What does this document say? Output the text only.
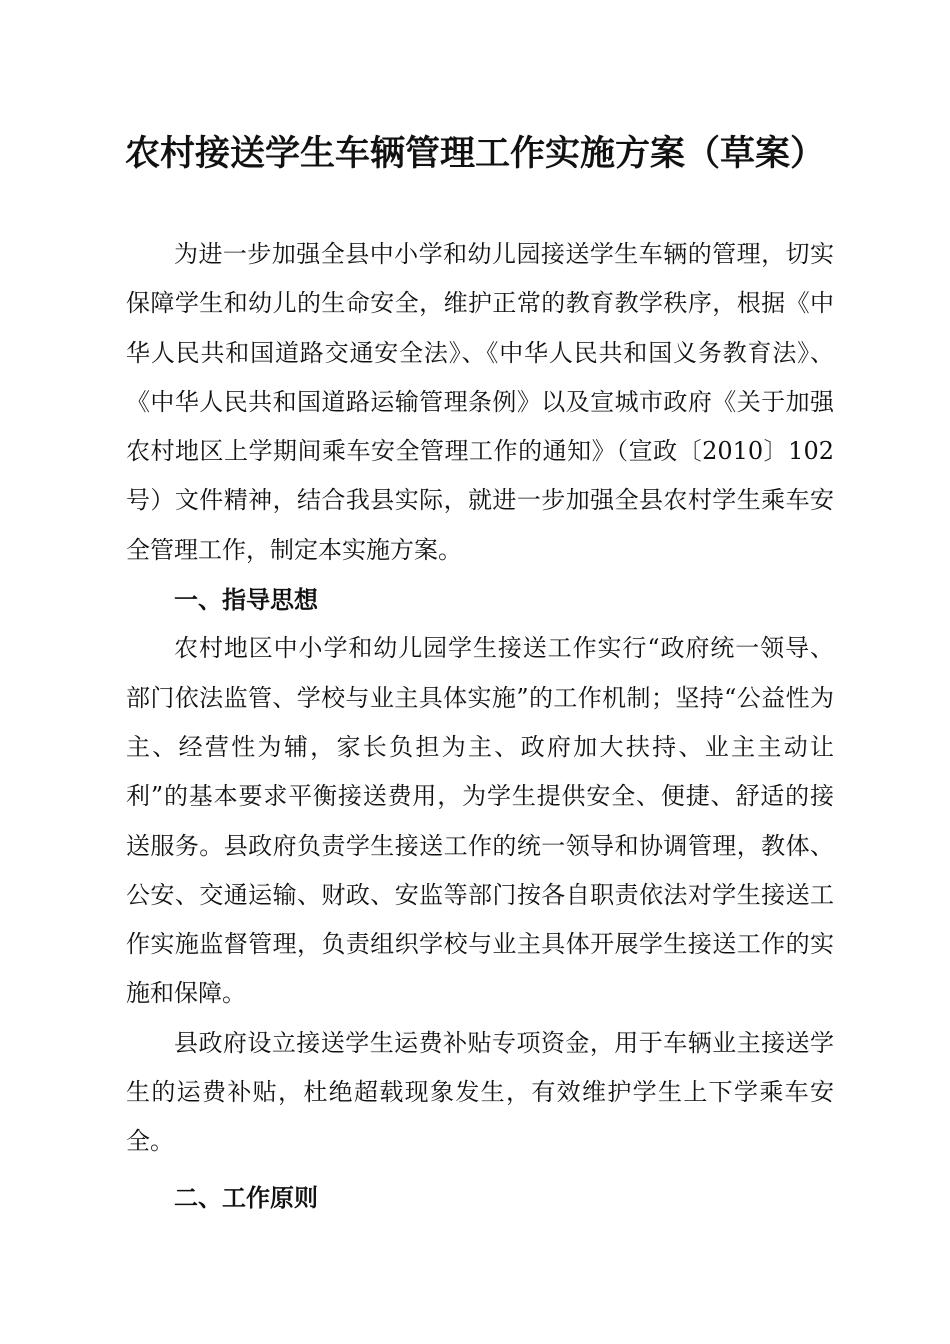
农村接送学生车辆管理工作实施方案（草案）

为进一步加强全县中小学和幼儿园接送学生车辆的管理，切实保障学生和幼儿的生命安全，维护正常的教育教学秩序，根据《中华人民共和国道路交通安全法》、《中华人民共和国义务教育法》、《中华人民共和国道路运输管理条例》以及宣城市政府《关于加强农村地区上学期间乘车安全管理工作的通知》（宣政〔2010〕102号）文件精神，结合我县实际，就进一步加强全县农村学生乘车安全管理工作，制定本实施方案。

一、指导思想

农村地区中小学和幼儿园学生接送工作实行“政府统一领导、部门依法监管、学校与业主具体实施”的工作机制；坚持“公益性为主、经营性为辅，家长负担为主、政府加大扶持、业主主动让利”的基本要求平衡接送费用，为学生提供安全、便捷、舒适的接送服务。县政府负责学生接送工作的统一领导和协调管理，教体、公安、交通运输、财政、安监等部门按各自职责依法对学生接送工作实施监督管理，负责组织学校与业主具体开展学生接送工作的实施和保障。

县政府设立接送学生运费补贴专项资金，用于车辆业主接送学生的运费补贴，杜绝超载现象发生，有效维护学生上下学乘车安全。

二、工作原则
